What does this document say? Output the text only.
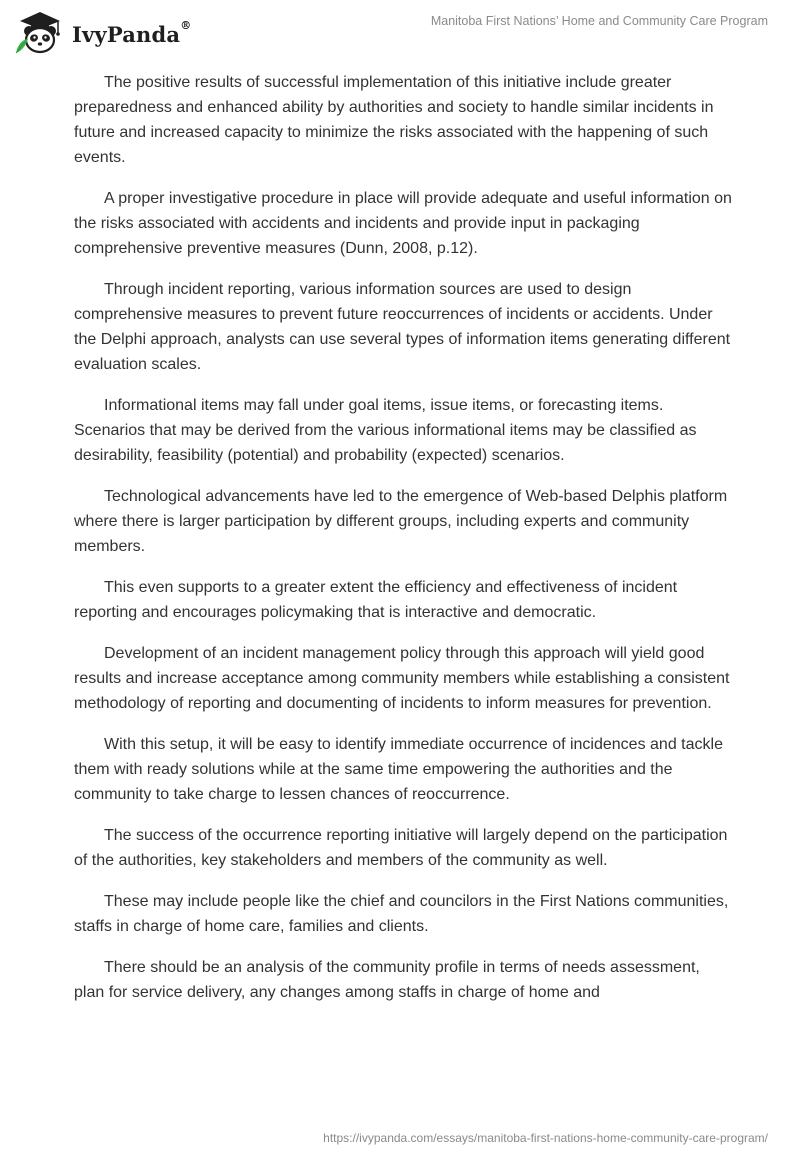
IvyPanda®	Manitoba First Nations’ Home and Community Care Program

The positive results of successful implementation of this initiative include greater preparedness and enhanced ability by authorities and society to handle similar incidents in future and increased capacity to minimize the risks associated with the happening of such events.

A proper investigative procedure in place will provide adequate and useful information on the risks associated with accidents and incidents and provide input in packaging comprehensive preventive measures (Dunn, 2008, p.12).

Through incident reporting, various information sources are used to design comprehensive measures to prevent future reoccurrences of incidents or accidents. Under the Delphi approach, analysts can use several types of information items generating different evaluation scales.

Informational items may fall under goal items, issue items, or forecasting items. Scenarios that may be derived from the various informational items may be classified as desirability, feasibility (potential) and probability (expected) scenarios.

Technological advancements have led to the emergence of Web-based Delphis platform where there is larger participation by different groups, including experts and community members.

This even supports to a greater extent the efficiency and effectiveness of incident reporting and encourages policymaking that is interactive and democratic.

Development of an incident management policy through this approach will yield good results and increase acceptance among community members while establishing a consistent methodology of reporting and documenting of incidents to inform measures for prevention.

With this setup, it will be easy to identify immediate occurrence of incidences and tackle them with ready solutions while at the same time empowering the authorities and the community to take charge to lessen chances of reoccurrence.

The success of the occurrence reporting initiative will largely depend on the participation of the authorities, key stakeholders and members of the community as well.

These may include people like the chief and councilors in the First Nations communities, staffs in charge of home care, families and clients.

There should be an analysis of the community profile in terms of needs assessment, plan for service delivery, any changes among staffs in charge of home and

https://ivypanda.com/essays/manitoba-first-nations-home-community-care-program/
